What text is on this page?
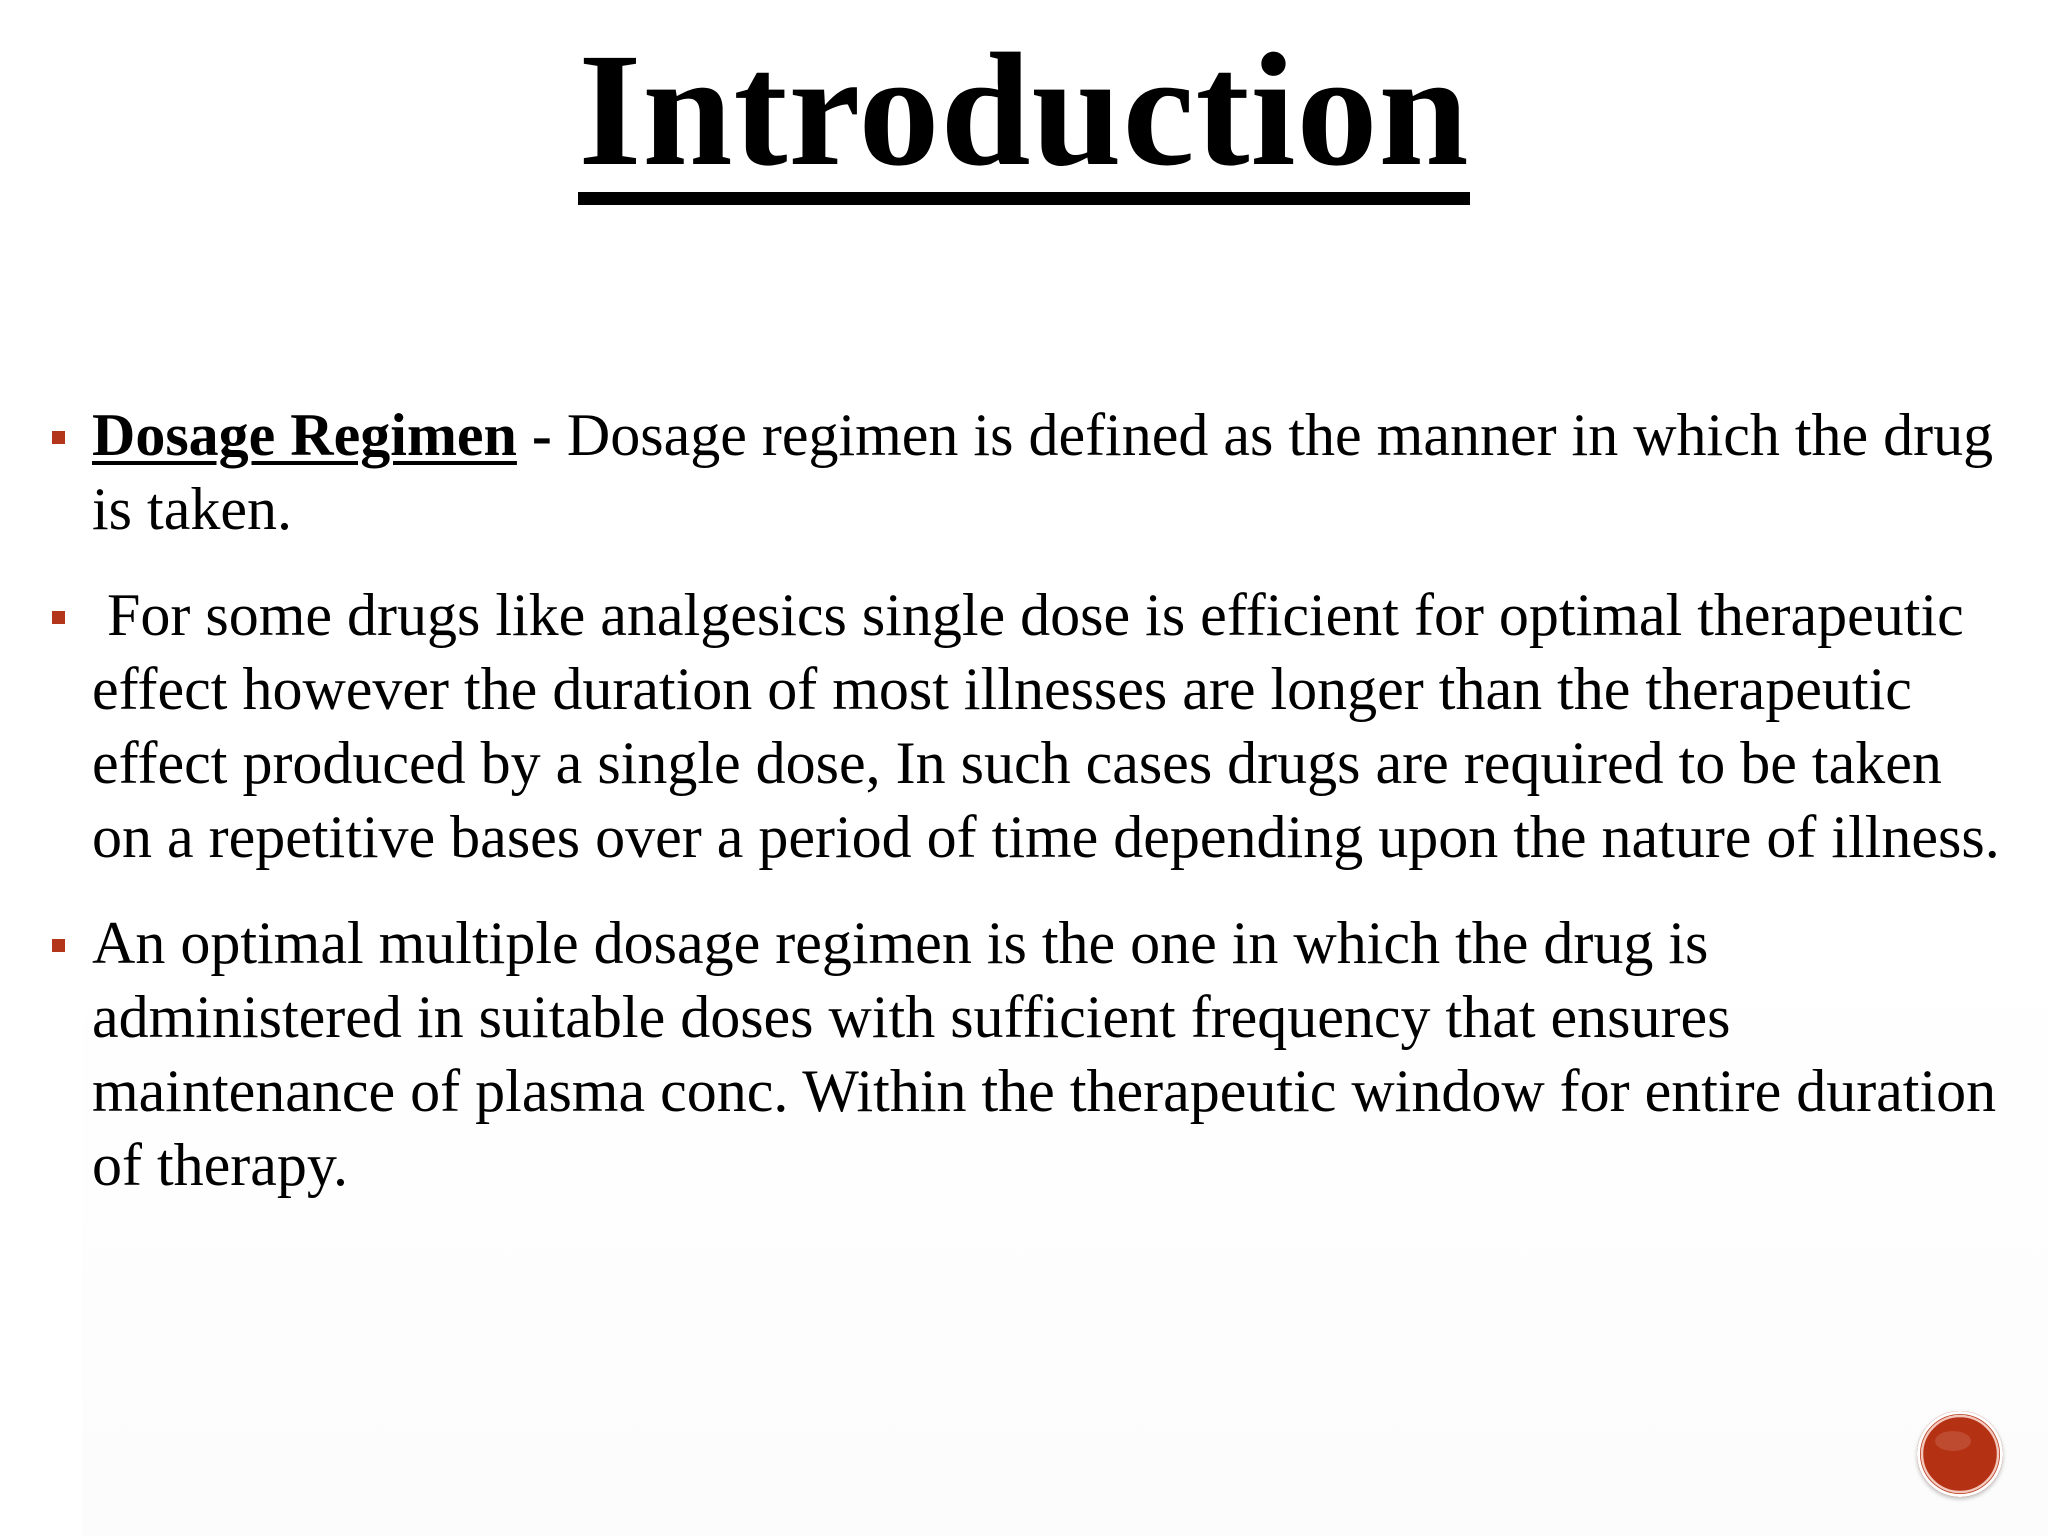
Introduction
Dosage Regimen - Dosage regimen is defined as the manner in which the drug is taken.
For some drugs like analgesics single dose is efficient for optimal therapeutic effect however the duration of most illnesses are longer than the therapeutic effect produced by a single dose, In such cases drugs are required to be taken on a repetitive bases over a period of time depending upon the nature of illness.
An optimal multiple dosage regimen is the one in which the drug is administered in suitable doses with sufficient frequency that ensures maintenance of plasma conc. Within the therapeutic window for entire duration of therapy.
